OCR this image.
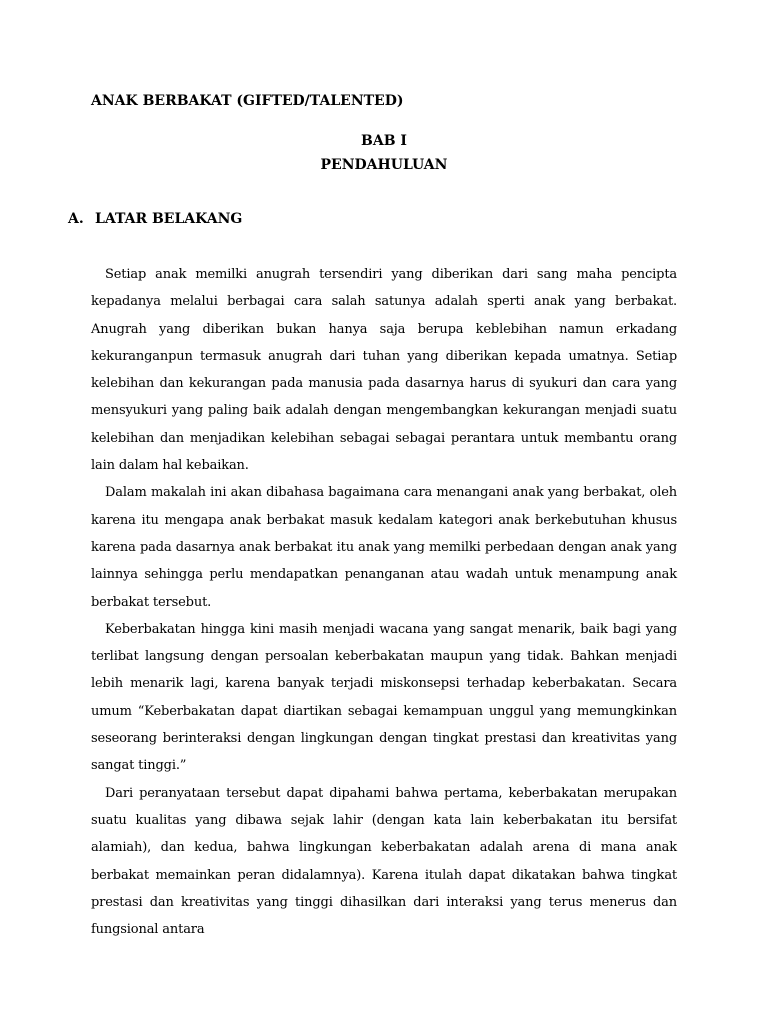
ANAK BERBAKAT (GIFTED/TALENTED)
BAB I
PENDAHULUAN
A. LATAR BELAKANG

Setiap anak memilki anugrah tersendiri yang diberikan dari sang maha pencipta kepadanya melalui berbagai cara salah satunya adalah sperti anak yang berbakat. Anugrah yang diberikan bukan hanya saja berupa keblebihan namun erkadang kekuranganpun termasuk anugrah dari tuhan yang diberikan kepada umatnya. Setiap kelebihan dan kekurangan pada manusia pada dasarnya harus di syukuri dan cara yang mensyukuri yang paling baik adalah dengan mengembangkan kekurangan menjadi suatu kelebihan dan menjadikan kelebihan sebagai sebagai perantara untuk membantu orang lain dalam hal kebaikan.

Dalam makalah ini akan dibahasa bagaimana cara menangani anak yang berbakat, oleh karena itu mengapa anak berbakat masuk kedalam kategori anak berkebutuhan khusus karena pada dasarnya anak berbakat itu anak yang memilki perbedaan dengan anak yang lainnya sehingga perlu mendapatkan penanganan atau wadah untuk menampung anak berbakat tersebut.

Keberbakatan hingga kini masih menjadi wacana yang sangat menarik, baik bagi yang terlibat langsung dengan persoalan keberbakatan maupun yang tidak. Bahkan menjadi lebih menarik lagi, karena banyak terjadi miskonsepsi terhadap keberbakatan. Secara umum “Keberbakatan dapat diartikan sebagai kemampuan unggul yang memungkinkan seseorang berinteraksi dengan lingkungan dengan tingkat prestasi dan kreativitas yang sangat tinggi.”

Dari peranyataan tersebut dapat dipahami bahwa pertama, keberbakatan merupakan suatu kualitas yang dibawa sejak lahir (dengan kata lain keberbakatan itu bersifat alamiah), dan kedua, bahwa lingkungan keberbakatan adalah arena di mana anak berbakat memainkan peran didalamnya). Karena itulah dapat dikatakan bahwa tingkat prestasi dan kreativitas yang tinggi dihasilkan dari interaksi yang terus menerus dan fungsional antara
